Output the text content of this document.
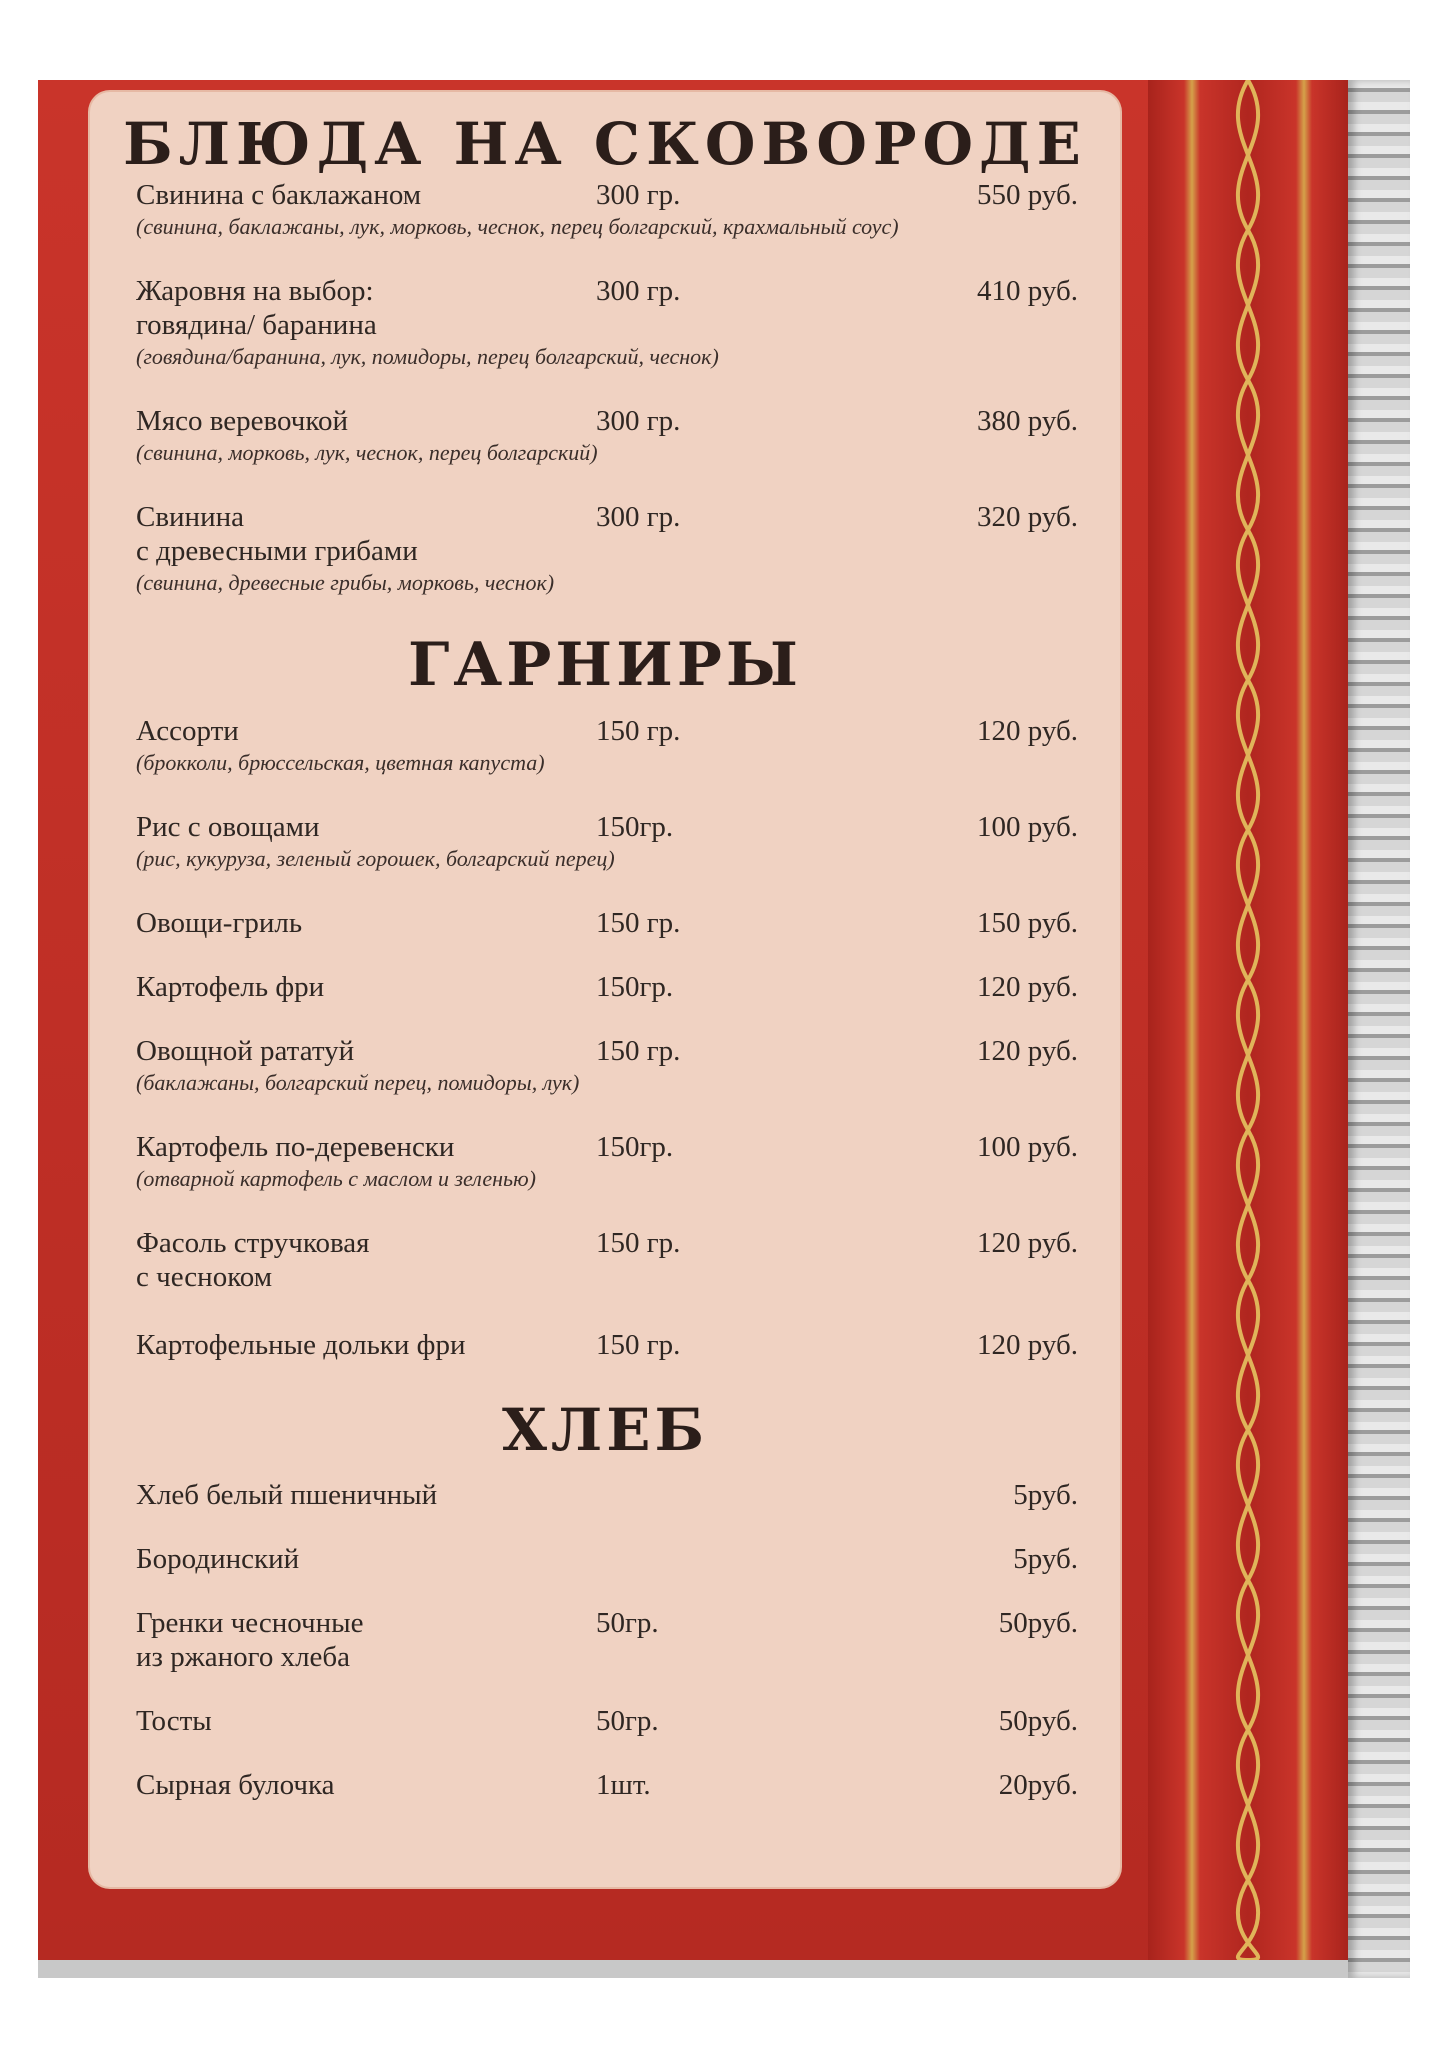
БЛЮДА НА СКОВОРОДЕ
Свинина с баклажаном	300 гр.	550 руб.
(свинина, баклажаны, лук, морковь, чеснок, перец болгарский, крахмальный соус)
Жаровня на выбор:
говядина/ баранина
300 гр.	410 руб.
(говядина/баранина, лук, помидоры, перец болгарский, чеснок)
Мясо веревочкой	300 гр.	380 руб.
(свинина, морковь, лук, чеснок, перец болгарский)
Свинина
с древесными грибами
300 гр.	320 руб.
(свинина, древесные грибы, морковь, чеснок)
ГАРНИРЫ
Ассорти	150 гр.	120 руб.
(брокколи, брюссельская, цветная капуста)
Рис с овощами	150гр.	100 руб.
(рис, кукуруза, зеленый горошек, болгарский перец)
Овощи-гриль	150 гр.	150 руб.
Картофель фри	150гр.	120 руб.
Овощной рататуй	150 гр.	120 руб.
(баклажаны, болгарский перец, помидоры, лук)
Картофель по-деревенски	150гр.	100 руб.
(отварной картофель с маслом и зеленью)
Фасоль стручковая
с чесноком
150 гр.	120 руб.
Картофельные дольки фри	150 гр.	120 руб.
ХЛЕБ
Хлеб белый пшеничный	5руб.
Бородинский	5руб.
Гренки чесночные
из ржаного хлеба
50гр.	50руб.
Тосты	50гр.	50руб.
Сырная булочка	1шт.	20руб.
